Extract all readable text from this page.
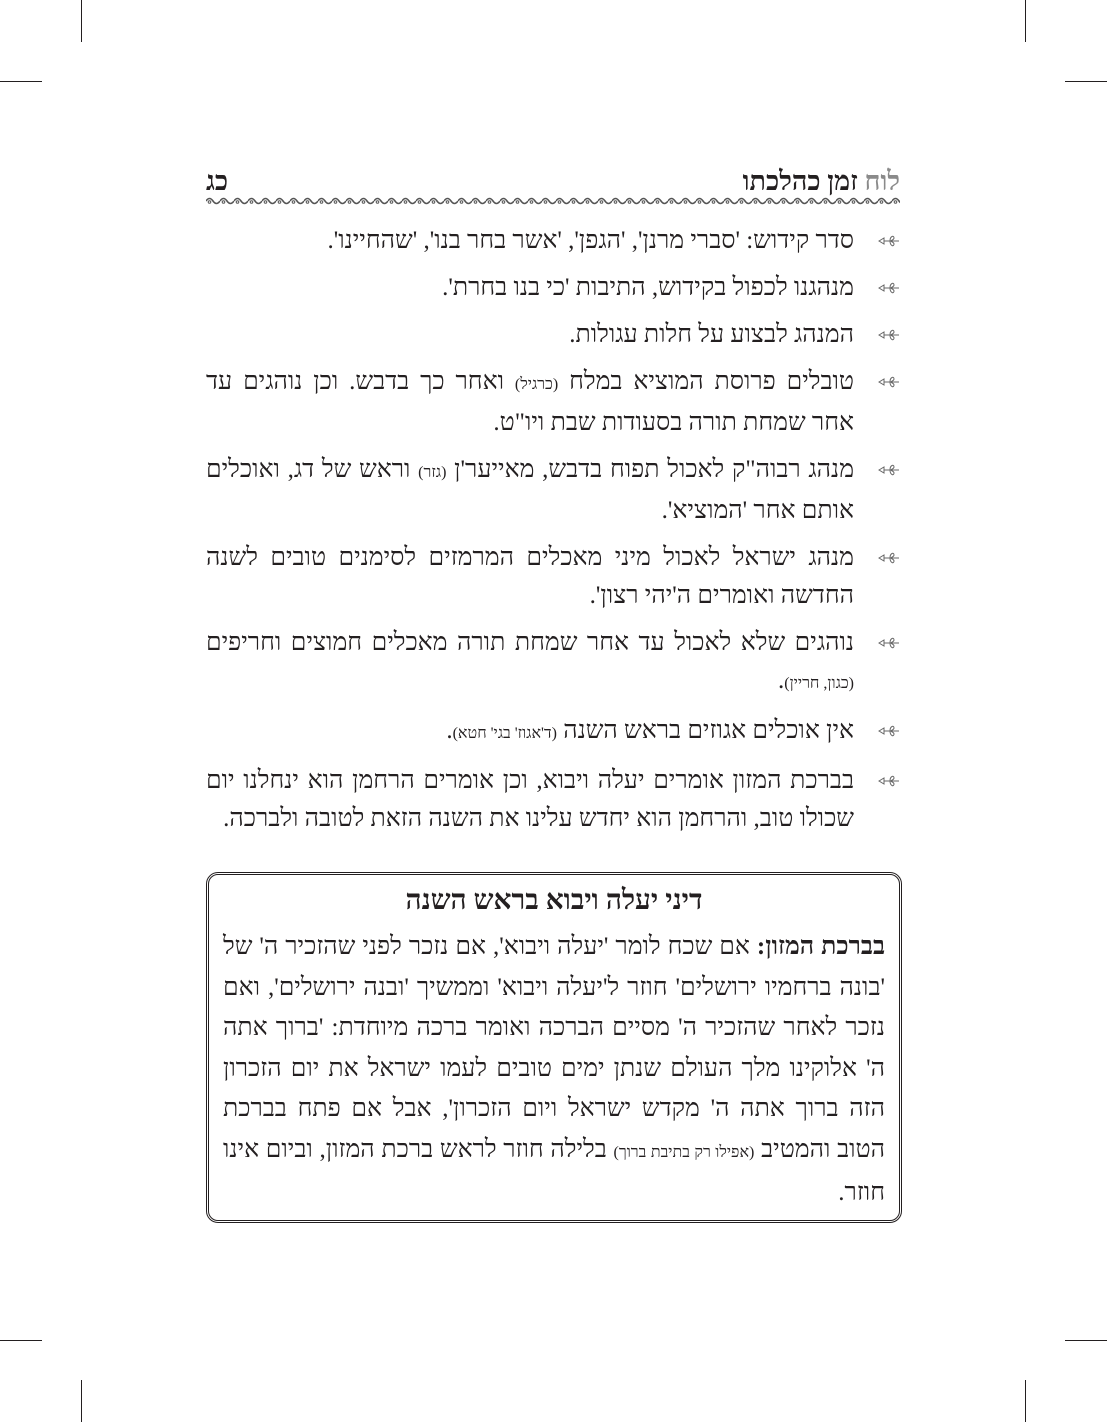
לוח זמן כהלכתו
כג
סדר קידוש: 'סברי מרנן', 'הגפן', 'אשר בחר בנו', 'שהחיינו'.
מנהגנו לכפול בקידוש, התיבות 'כי בנו בחרת'.
המנהג לבצוע על חלות עגולות.
טובלים פרוסת המוציא במלח (כרגיל) ואחר כך בדבש. וכן נוהגים עד אחר שמחת תורה בסעודות שבת ויו"ט.
מנהג רבוה"ק לאכול תפוח בדבש, מאייער'ן (גזר) וראש של דג, ואוכלים אותם אחר 'המוציא'.
מנהג ישראל לאכול מיני מאכלים המרמזים לסימנים טובים לשנה החדשה ואומרים ה'יהי רצון'.
נוהגים שלא לאכול עד אחר שמחת תורה מאכלים חמוצים וחריפים (כגון, חריין).
אין אוכלים אגוזים בראש השנה (ד'אגוז' בגי' חטא).
בברכת המזון אומרים יעלה ויבוא, וכן אומרים הרחמן הוא ינחלנו יום שכולו טוב, והרחמן הוא יחדש עלינו את השנה הזאת לטובה ולברכה.
דיני יעלה ויבוא בראש השנה
בברכת המזון: אם שכח לומר 'יעלה ויבוא', אם נזכר לפני שהזכיר ה' של 'בונה ברחמיו ירושלים' חוזר ל'יעלה ויבוא' וממשיך 'ובנה ירושלים', ואם נזכר לאחר שהזכיר ה' מסיים הברכה ואומר ברכה מיוחדת: 'ברוך אתה ה' אלוקינו מלך העולם שנתן ימים טובים לעמו ישראל את יום הזכרון הזה ברוך אתה ה' מקדש ישראל ויום הזכרון', אבל אם פתח בברכת הטוב והמטיב (אפילו רק בתיבת ברוך) בלילה חוזר לראש ברכת המזון, וביום אינו חוזר.
